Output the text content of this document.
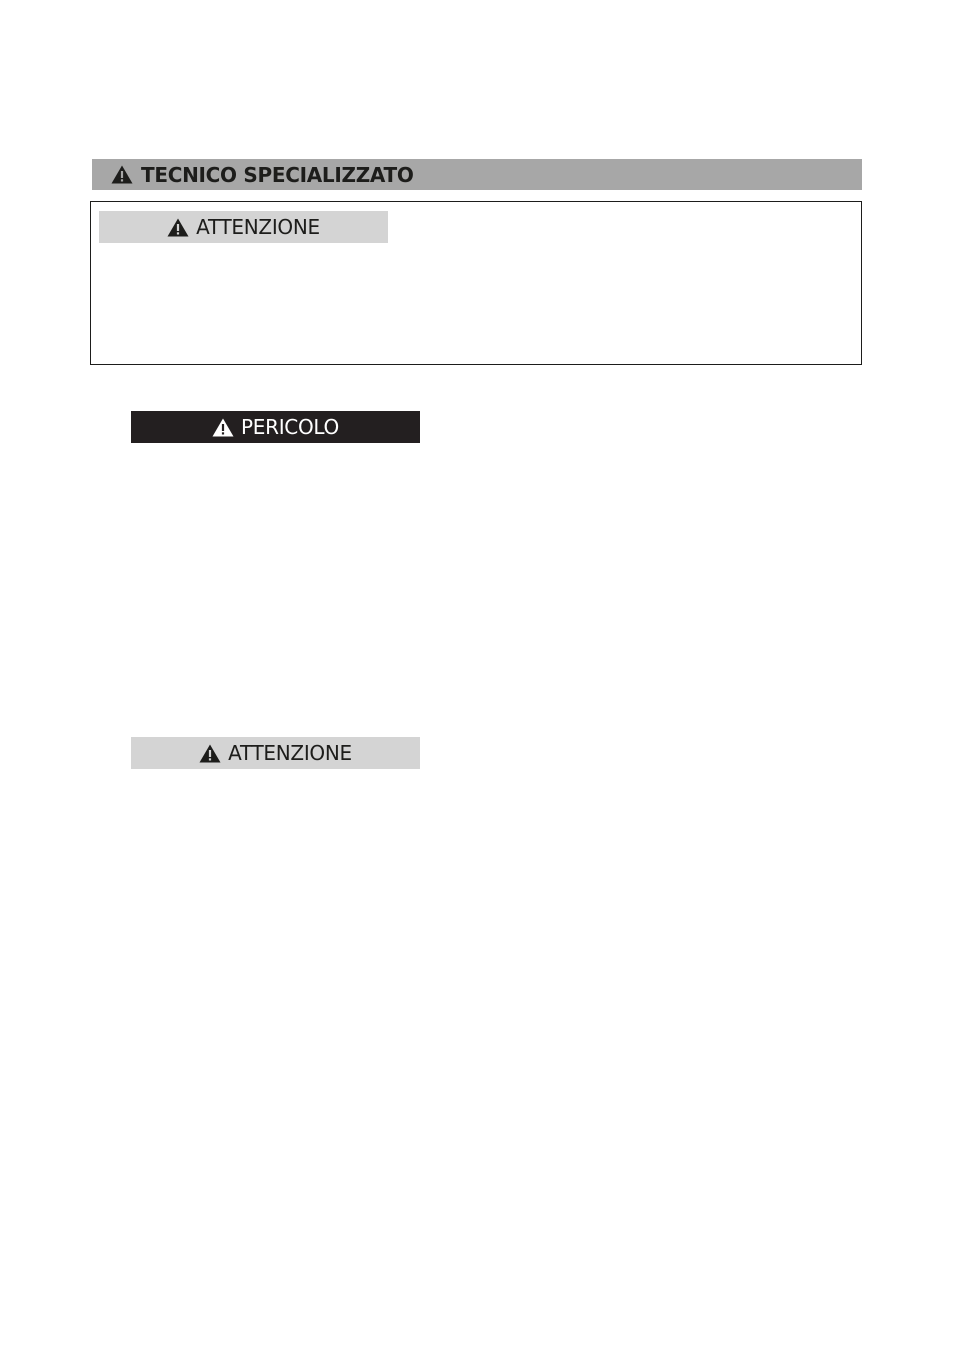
TECNICO SPECIALIZZATO
ATTENZIONE
PERICOLO
ATTENZIONE
